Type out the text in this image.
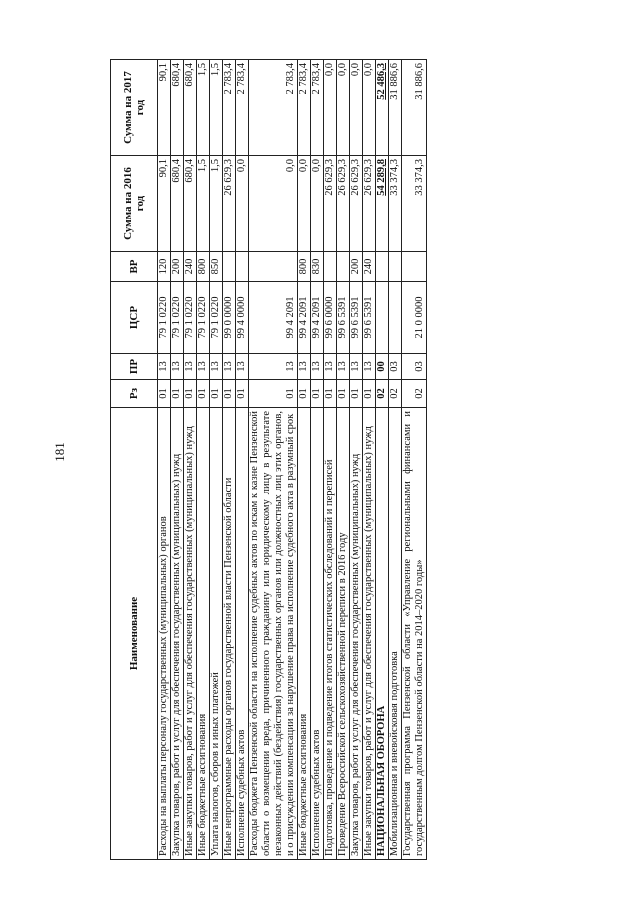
181
Наименование	Рз	ПР	ЦСР	ВР	Сумма на 2016 год	Сумма на 2017 год
Расходы на выплаты персоналу государственных (муниципальных) органов	01	13	79 1 0220	120	90,1	90,1
Закупка товаров, работ и услуг для обеспечения государственных (муниципальных) нужд	01	13	79 1 0220	200	680,4	680,4
Иные закупки товаров, работ и услуг для обеспечения государственных (муниципальных) нужд	01	13	79 1 0220	240	680,4	680,4
Иные бюджетные ассигнования	01	13	79 1 0220	800	1,5	1,5
Уплата налогов, сборов и иных платежей	01	13	79 1 0220	850	1,5	1,5
Иные непрограммные расходы органов государственной власти Пензенской области	01	13	99 0 0000		26 629,3	2 783,4
Исполнение судебных актов	01	13	99 4 0000		0,0	2 783,4
Расходы бюджета Пензенской области на исполнение судебных актов по искам к казне Пензенской области о возмещении вреда, причиненного гражданину или юридическому лицу в результате незаконных действий (бездействия) государственных органов или должностных лиц этих органов, и о присуждении компенсации за нарушение права на исполнение судебного акта в разумный срок	01	13	99 4 2091		0,0	2 783,4
Иные бюджетные ассигнования	01	13	99 4 2091	800	0,0	2 783,4
Исполнение судебных актов	01	13	99 4 2091	830	0,0	2 783,4
Подготовка, проведение и подведение итогов статистических обследований и переписей	01	13	99 6 0000		26 629,3	0,0
Проведение Всероссийской сельскохозяйственной переписи в 2016 году	01	13	99 6 5391		26 629,3	0,0
Закупка товаров, работ и услуг для обеспечения государственных (муниципальных) нужд	01	13	99 6 5391	200	26 629,3	0,0
Иные закупки товаров, работ и услуг для обеспечения государственных (муниципальных) нужд	01	13	99 6 5391	240	26 629,3	0,0
НАЦИОНАЛЬНАЯ ОБОРОНА	02	00			54 289,8	52 486,3
Мобилизационная и вневойсковая подготовка	02	03			33 374,3	31 886,6
Государственная программа Пензенской области «Управление региональными финансами и государственным долгом Пензенской области на 2014–2020 годы»	02	03	21 0 0000		33 374,3	31 886,6
